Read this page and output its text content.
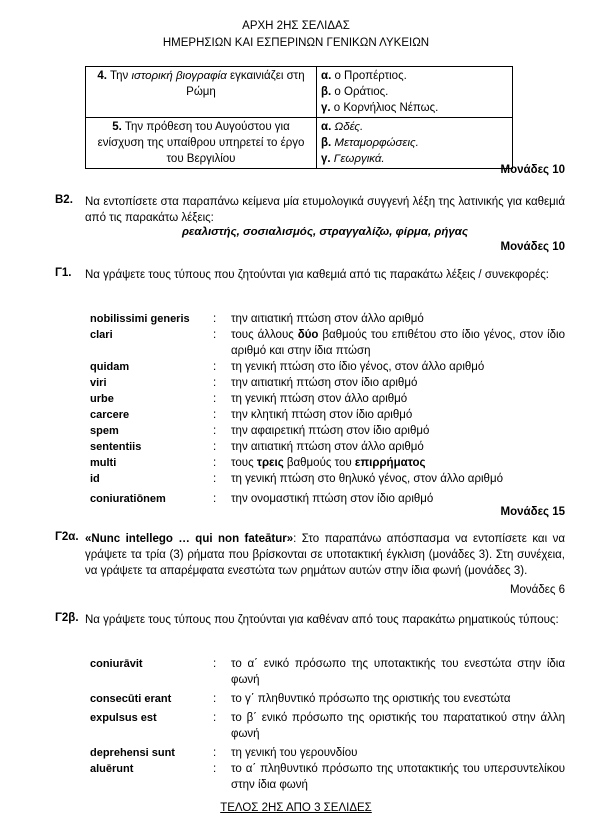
ΑΡΧΗ 2ΗΣ ΣΕΛΙΔΑΣ
ΗΜΕΡΗΣΙΩΝ ΚΑΙ ΕΣΠΕΡΙΝΩΝ ΓΕΝΙΚΩΝ ΛΥΚΕΙΩΝ
4. Την ιστορική βιογραφία εγκαινιάζει στη Ρώμη	α. ο Προπέρτιος.
β. ο Οράτιος.
γ. ο Κορνήλιος Νέπως.

5. Την πρόθεση του Αυγούστου για ενίσχυση της υπαίθρου υπηρετεί το έργο του Βεργιλίου	α. Ωδές.
β. Μεταμορφώσεις.
γ. Γεωργικά.
Μονάδες 10
Β2. Να εντοπίσετε στα παραπάνω κείμενα μία ετυμολογικά συγγενή λέξη της λατινικής για καθεμιά από τις παρακάτω λέξεις:
ρεαλιστής, σοσιαλισμός, στραγγαλίζω, φίρμα, ρήγας
Μονάδες 10
Γ1. Να γράψετε τους τύπους που ζητούνται για καθεμιά από τις παρακάτω λέξεις / συνεκφορές:
nobilissimi generis : την αιτιατική πτώση στον άλλο αριθμό
clari	: τους άλλους δύο βαθμούς του επιθέτου στο ίδιο γένος, στον ίδιο αριθμό και στην ίδια πτώση
quidam	: τη γενική πτώση στο ίδιο γένος, στον άλλο αριθμό
viri	: την αιτιατική πτώση στον ίδιο αριθμό
urbe	: τη γενική πτώση στον άλλο αριθμό
carcere	: την κλητική πτώση στον ίδιο αριθμό
spem	: την αφαιρετική πτώση στον ίδιο αριθμό
sententiis	: την αιτιατική πτώση στον άλλο αριθμό
multi	: τους τρεις βαθμούς του επιρρήματος
id	: τη γενική πτώση στο θηλυκό γένος, στον άλλο αριθμό
coniuratiōnem	: την ονομαστική πτώση στον ίδιο αριθμό
Μονάδες 15
Γ2α. «Nunc intellego … qui non fateātur»: Στο παραπάνω απόσπασμα να εντοπίσετε και να γράψετε τα τρία (3) ρήματα που βρίσκονται σε υποτακτική έγκλιση (μονάδες 3). Στη συνέχεια, να γράψετε τα απαρέμφατα ενεστώτα των ρημάτων αυτών στην ίδια φωνή (μονάδες 3).
Μονάδες 6
Γ2β. Να γράψετε τους τύπους που ζητούνται για καθέναν από τους παρακάτω ρηματικούς τύπους:
coniurāvit	: το α΄ ενικό πρόσωπο της υποτακτικής του ενεστώτα στην ίδια φωνή
consecūti erant	: το γ΄ πληθυντικό πρόσωπο της οριστικής του ενεστώτα
expulsus est	: το β΄ ενικό πρόσωπο της οριστικής του παρατατικού στην άλλη φωνή
deprehensi sunt	: τη γενική του γερουνδίου
aluērunt	: το α΄ πληθυντικό πρόσωπο της υποτακτικής του υπερσυντελίκου στην ίδια φωνή
ΤΕΛΟΣ 2ΗΣ ΑΠΟ 3 ΣΕΛΙΔΕΣ
